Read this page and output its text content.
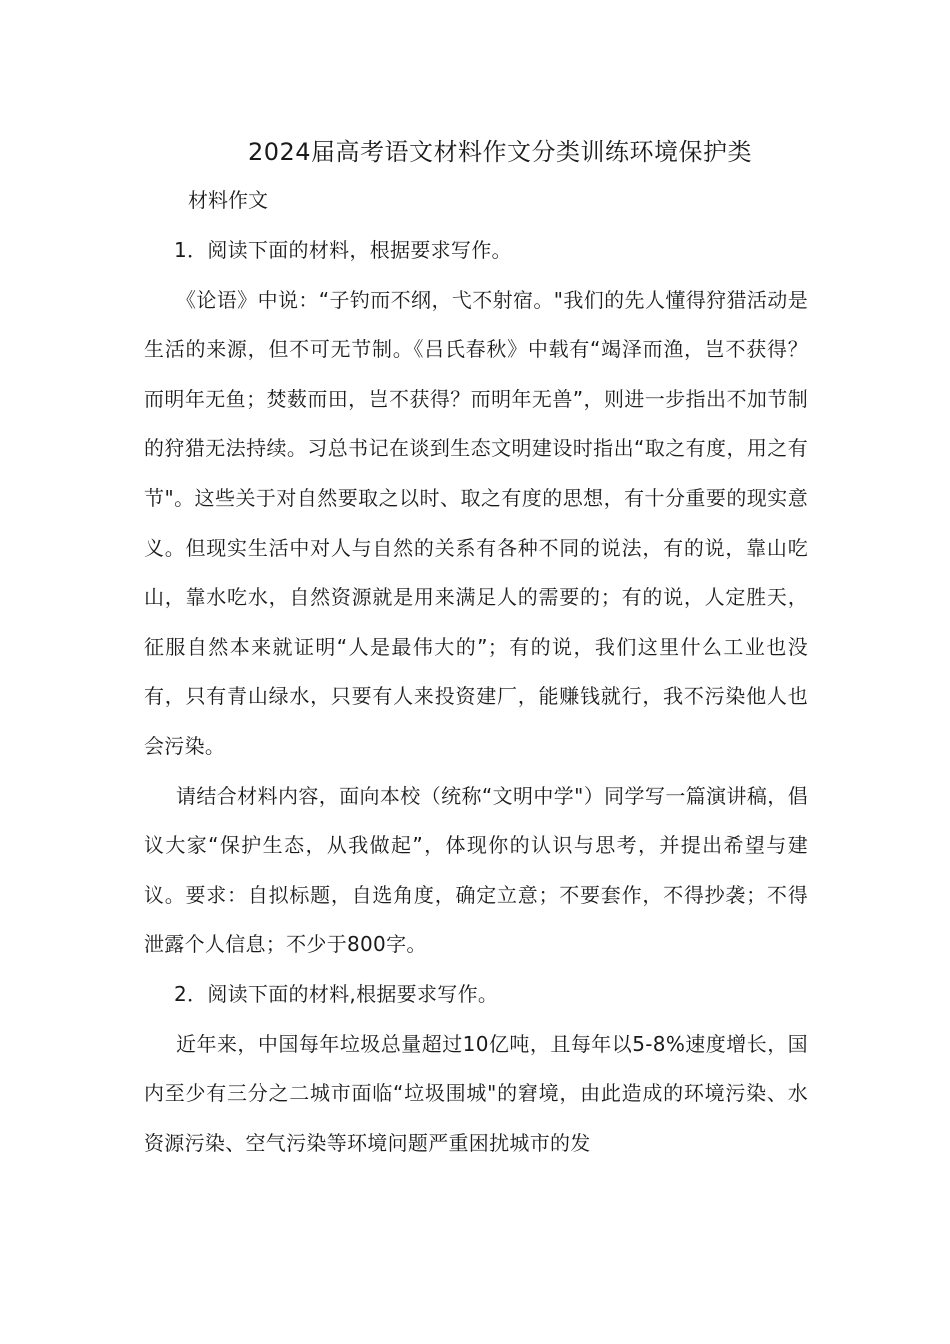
2024届高考语文材料作文分类训练环境保护类

材料作文

1．阅读下面的材料，根据要求写作。

《论语》中说：“子钓而不纲，弋不射宿。"我们的先人懂得狩猎活动是生活的来源，但不可无节制。《吕氏春秋》中载有“竭泽而渔，岂不获得？而明年无鱼；焚薮而田，岂不获得？而明年无兽”，则进一步指出不加节制的狩猎无法持续。习总书记在谈到生态文明建设时指出“取之有度，用之有节"。这些关于对自然要取之以时、取之有度的思想，有十分重要的现实意义。但现实生活中对人与自然的关系有各种不同的说法，有的说，靠山吃山，靠水吃水，自然资源就是用来满足人的需要的；有的说，人定胜天，征服自然本来就证明“人是最伟大的”；有的说，我们这里什么工业也没有，只有青山绿水，只要有人来投资建厂，能赚钱就行，我不污染他人也会污染。

请结合材料内容，面向本校（统称“文明中学"）同学写一篇演讲稿，倡议大家“保护生态，从我做起”，体现你的认识与思考，并提出希望与建议。要求：自拟标题，自选角度，确定立意；不要套作，不得抄袭；不得泄露个人信息；不少于800字。

2．阅读下面的材料,根据要求写作。

近年来，中国每年垃圾总量超过10亿吨，且每年以5-8%速度增长，国内至少有三分之二城市面临“垃圾围城"的窘境，由此造成的环境污染、水资源污染、空气污染等环境问题严重困扰城市的发
